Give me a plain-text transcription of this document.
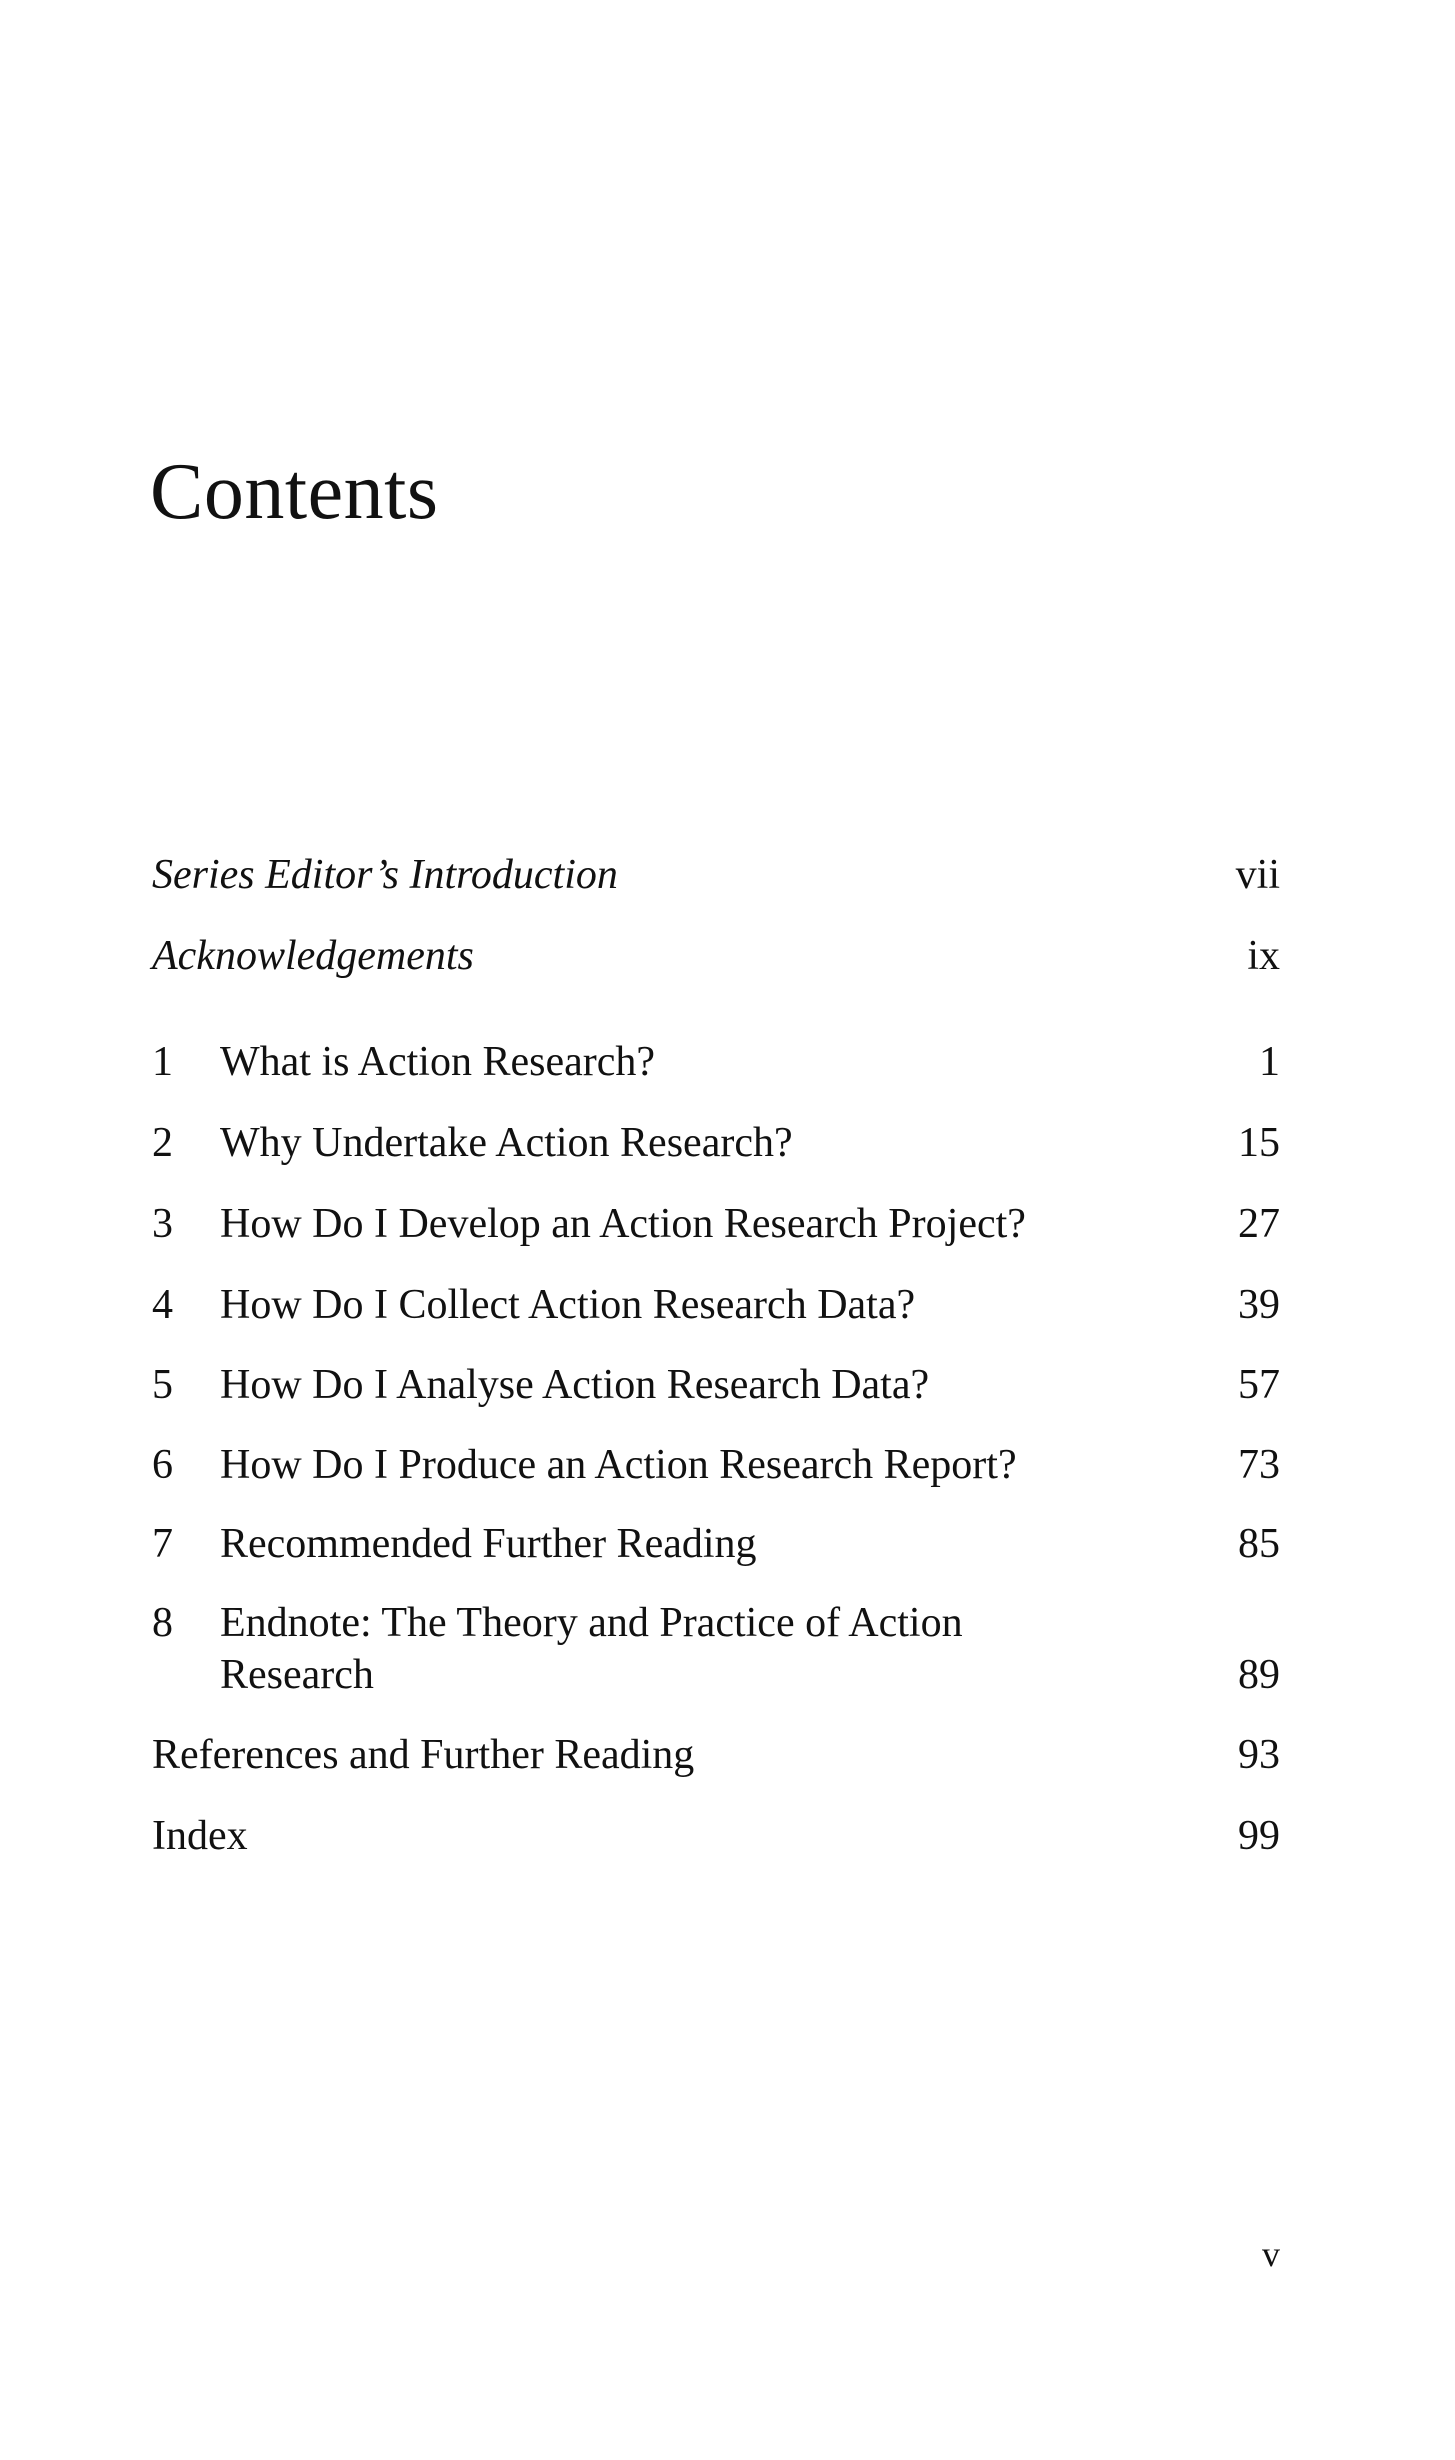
Contents
Series Editor’s Introduction	vii
Acknowledgements	ix
1	What is Action Research?	1
2	Why Undertake Action Research?	15
3	How Do I Develop an Action Research Project?	27
4	How Do I Collect Action Research Data?	39
5	How Do I Analyse Action Research Data?	57
6	How Do I Produce an Action Research Report?	73
7	Recommended Further Reading	85
8	Endnote: The Theory and Practice of Action
Research	89
References and Further Reading	93
Index	99
v
